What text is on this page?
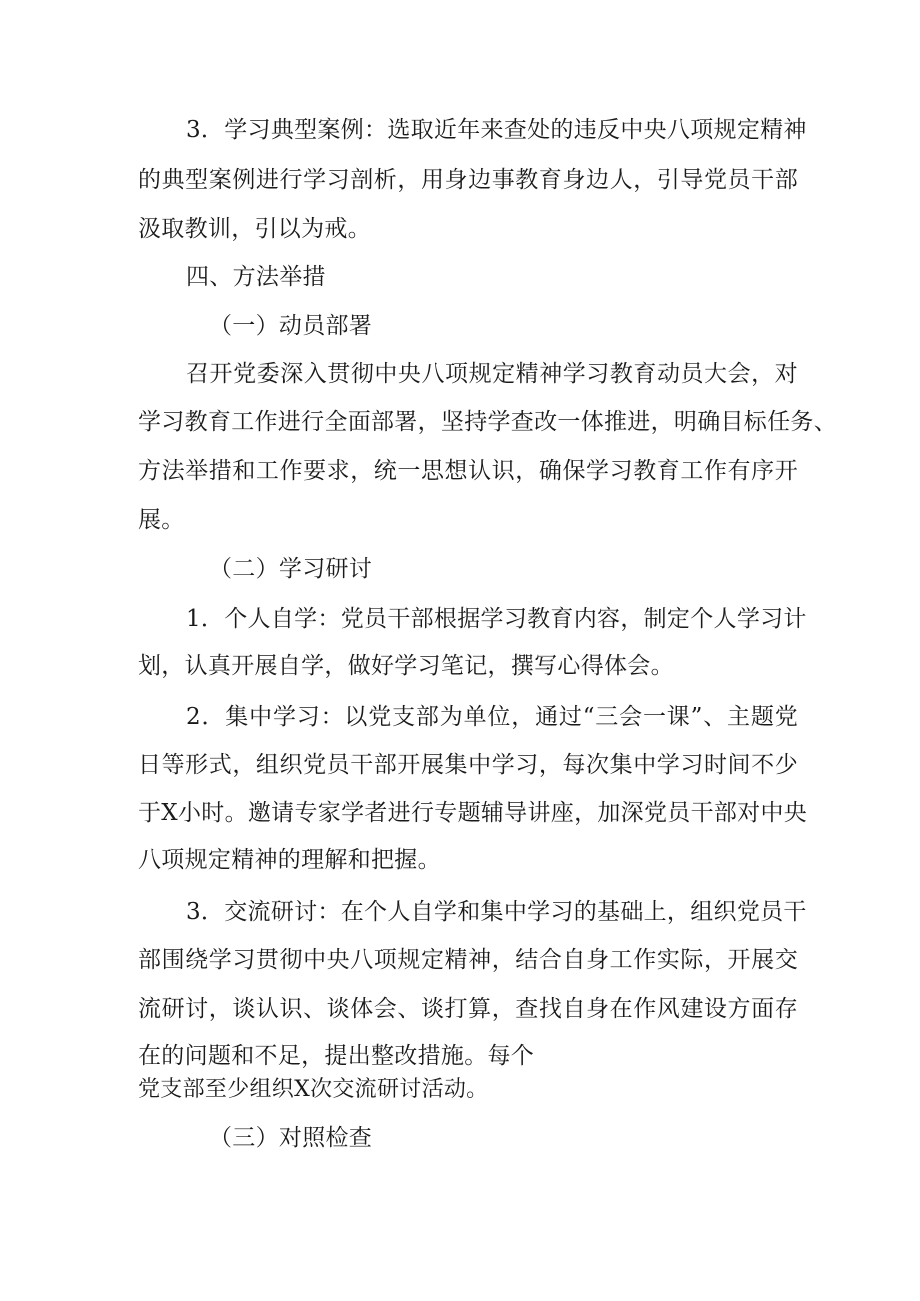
3．学习典型案例：选取近年来查处的违反中央八项规定精神
的典型案例进行学习剖析，用身边事教育身边人，引导党员干部
汲取教训，引以为戒。
四、方法举措
（一）动员部署
召开党委深入贯彻中央八项规定精神学习教育动员大会，对
学习教育工作进行全面部署，坚持学查改一体推进，明确目标任务、
方法举措和工作要求，统一思想认识，确保学习教育工作有序开
展。
（二）学习研讨
1．个人自学：党员干部根据学习教育内容，制定个人学习计
划，认真开展自学，做好学习笔记，撰写心得体会。
2．集中学习：以党支部为单位，通过“三会一课”、主题党
日等形式，组织党员干部开展集中学习，每次集中学习时间不少
于X小时。邀请专家学者进行专题辅导讲座，加深党员干部对中央
八项规定精神的理解和把握。
3．交流研讨：在个人自学和集中学习的基础上，组织党员干
部围绕学习贯彻中央八项规定精神，结合自身工作实际，开展交
流研讨，谈认识、谈体会、谈打算，查找自身在作风建设方面存
在的问题和不足，提出整改措施。每个
党支部至少组织X次交流研讨活动。
（三）对照检查
